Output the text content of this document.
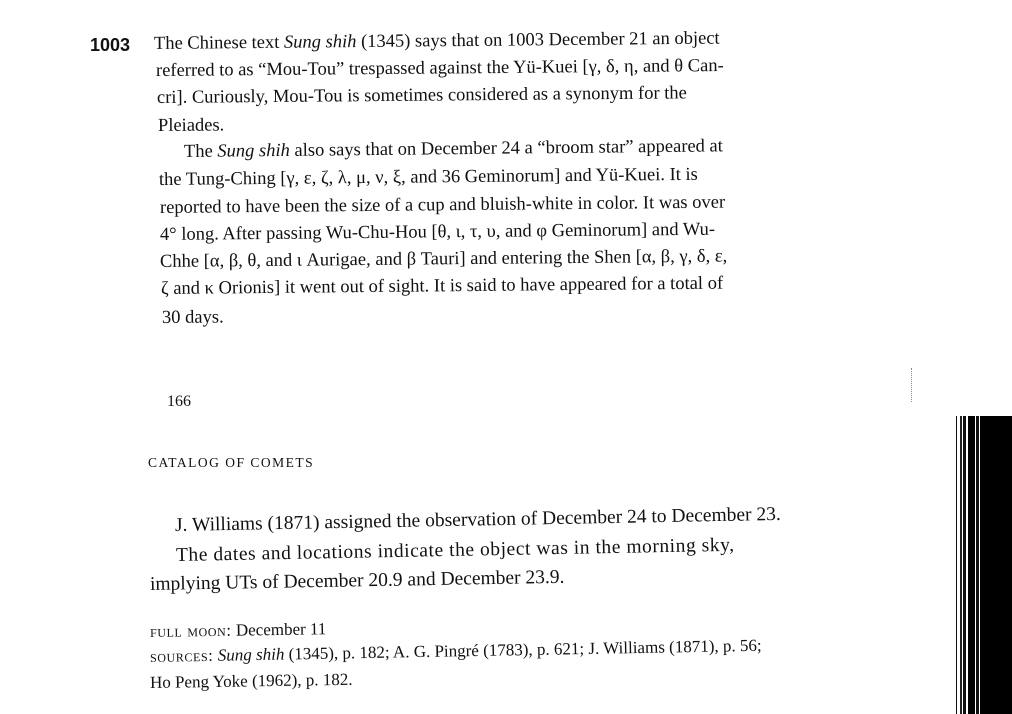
1003 The Chinese text Sung shih (1345) says that on 1003 December 21 an object
referred to as “Mou-Tou” trespassed against the Yü-Kuei [γ, δ, η, and θ Can-
cri]. Curiously, Mou-Tou is sometimes considered as a synonym for the
Pleiades.
The Sung shih also says that on December 24 a “broom star” appeared at
the Tung-Ching [γ, ε, ζ, λ, μ, ν, ξ, and 36 Geminorum] and Yü-Kuei. It is
reported to have been the size of a cup and bluish-white in color. It was over
4° long. After passing Wu-Chu-Hou [θ, ι, τ, υ, and φ Geminorum] and Wu-
Chhe [α, β, θ, and ι Aurigae, and β Tauri] and entering the Shen [α, β, γ, δ, ε,
ζ and κ Orionis] it went out of sight. It is said to have appeared for a total of
30 days.
166
CATALOG OF COMETS
J. Williams (1871) assigned the observation of December 24 to December 23.
The dates and locations indicate the object was in the morning sky,
implying UTs of December 20.9 and December 23.9.
full moon: December 11
sources: Sung shih (1345), p. 182; A. G. Pingré (1783), p. 621; J. Williams (1871), p. 56;
Ho Peng Yoke (1962), p. 182.
